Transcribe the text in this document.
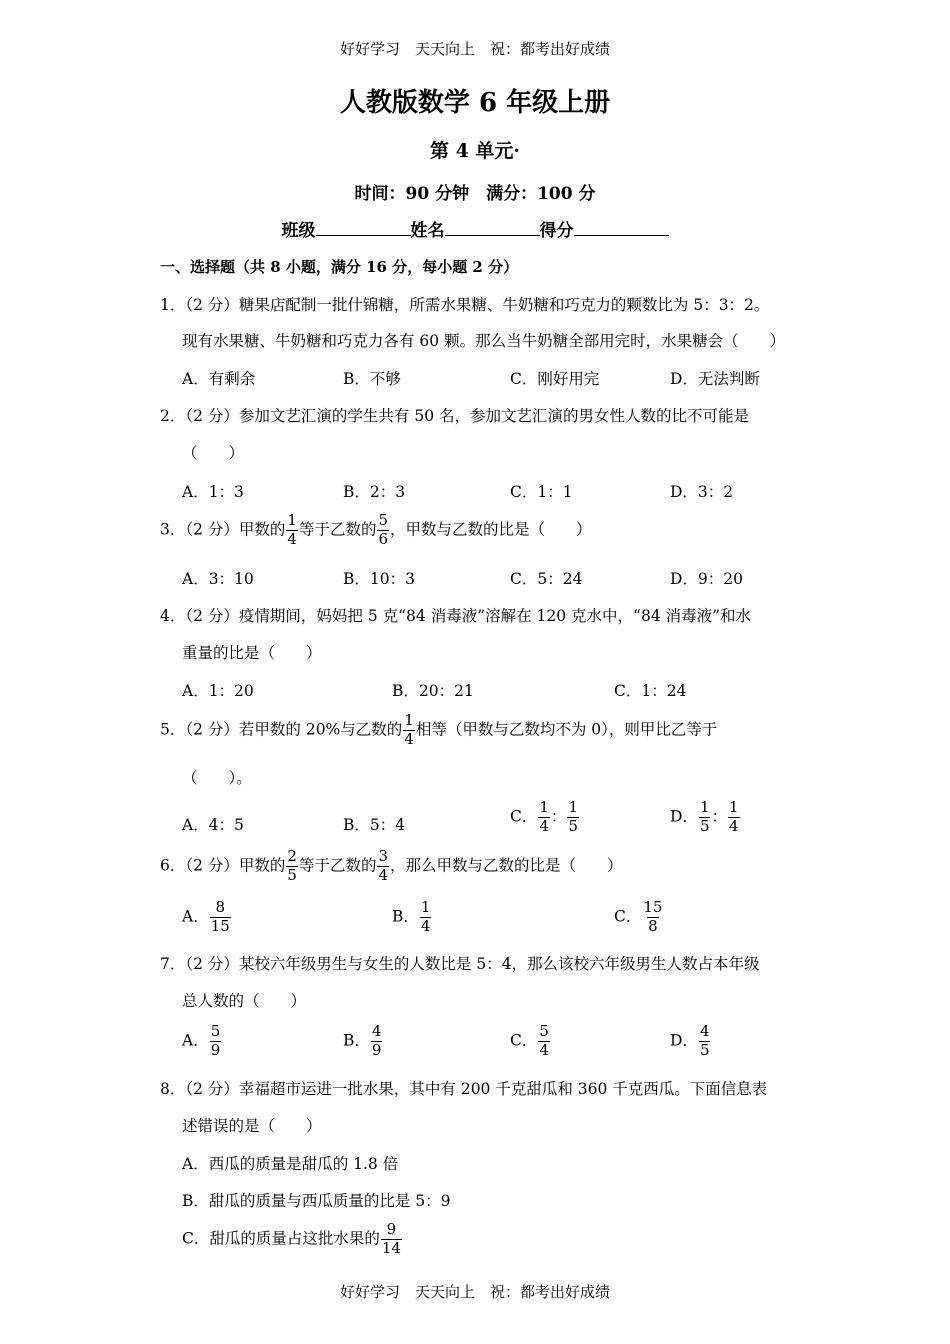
好好学习　天天向上　祝：都考出好成绩
人教版数学 6 年级上册
第 4 单元·
时间：90 分钟　满分：100 分
班级	姓名	得分
一、选择题（共 8 小题，满分 16 分，每小题 2 分）
1．（2 分）糖果店配制一批什锦糖，所需水果糖、牛奶糖和巧克力的颗数比为 5：3：2。
现有水果糖、牛奶糖和巧克力各有 60 颗。那么当牛奶糖全部用完时，水果糖会（　　）
A．有剩余	B．不够	C．刚好用完	D．无法判断
2．（2 分）参加文艺汇演的学生共有 50 名，参加文艺汇演的男女性人数的比不可能是
（　　）
A．1：3	B．2：3	C．1：1	D．3：2
3．（2 分）甲数的 $\frac{1}{4}$ 等于乙数的 $\frac{5}{6}$ ，甲数与乙数的比是（　　）
A．3：10	B．10：3	C．5：24	D．9：20
4．（2 分）疫情期间，妈妈把 5 克“84 消毒液”溶解在 120 克水中，“84 消毒液”和水
重量的比是（　　）
A．1：20	B．20：21	C．1：24
5．（2 分）若甲数的 20%与乙数的 $\frac{1}{4}$ 相等（甲数与乙数均不为 0），则甲比乙等于
（　　）。
A．4：5	B．5：4	C． $\frac{1}{4}$ ： $\frac{1}{5}$	D． $\frac{1}{5}$ ： $\frac{1}{4}$
6．（2 分）甲数的 $\frac{2}{5}$ 等于乙数的 $\frac{3}{4}$ ，那么甲数与乙数的比是（　　）
A． $\frac{8}{15}$	B． $\frac{1}{4}$	C． $\frac{15}{8}$
7．（2 分）某校六年级男生与女生的人数比是 5：4，那么该校六年级男生人数占本年级
总人数的（　　）
A． $\frac{5}{9}$	B． $\frac{4}{9}$	C． $\frac{5}{4}$	D． $\frac{4}{5}$
8．（2 分）幸福超市运进一批水果，其中有 200 千克甜瓜和 360 千克西瓜。下面信息表
述错误的是（　　）
A．西瓜的质量是甜瓜的 1.8 倍
B．甜瓜的质量与西瓜质量的比是 5：9
C．甜瓜的质量占这批水果的 $\frac{9}{14}$
好好学习　天天向上　祝：都考出好成绩
